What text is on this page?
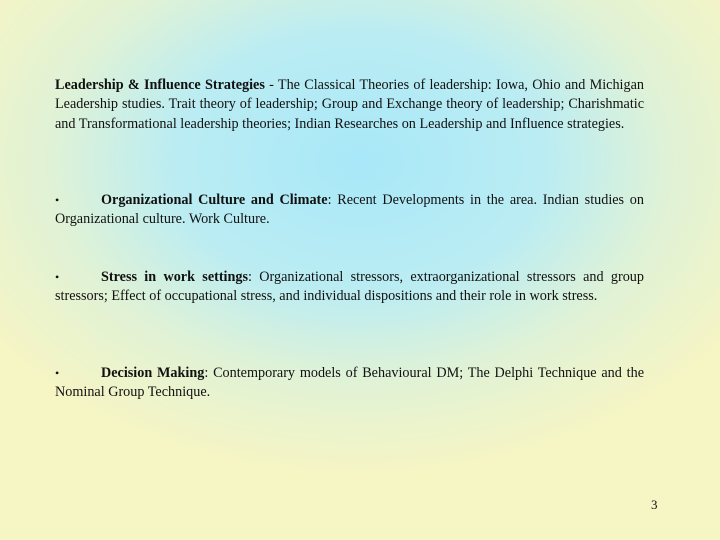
Leadership & Influence Strategies - The Classical Theories of leadership: Iowa, Ohio and Michigan Leadership studies. Trait theory of leadership; Group and Exchange theory of leadership; Charishmatic and Transformational leadership theories; Indian Researches on Leadership and Influence strategies.

•	Organizational Culture and Climate: Recent Developments in the area. Indian studies on Organizational culture. Work Culture.

•	Stress in work settings: Organizational stressors, extraorganizational stressors and group stressors; Effect of occupational stress, and individual dispositions and their role in work stress.

•	Decision Making: Contemporary models of Behavioural DM; The Delphi Technique and the Nominal Group Technique.

3
